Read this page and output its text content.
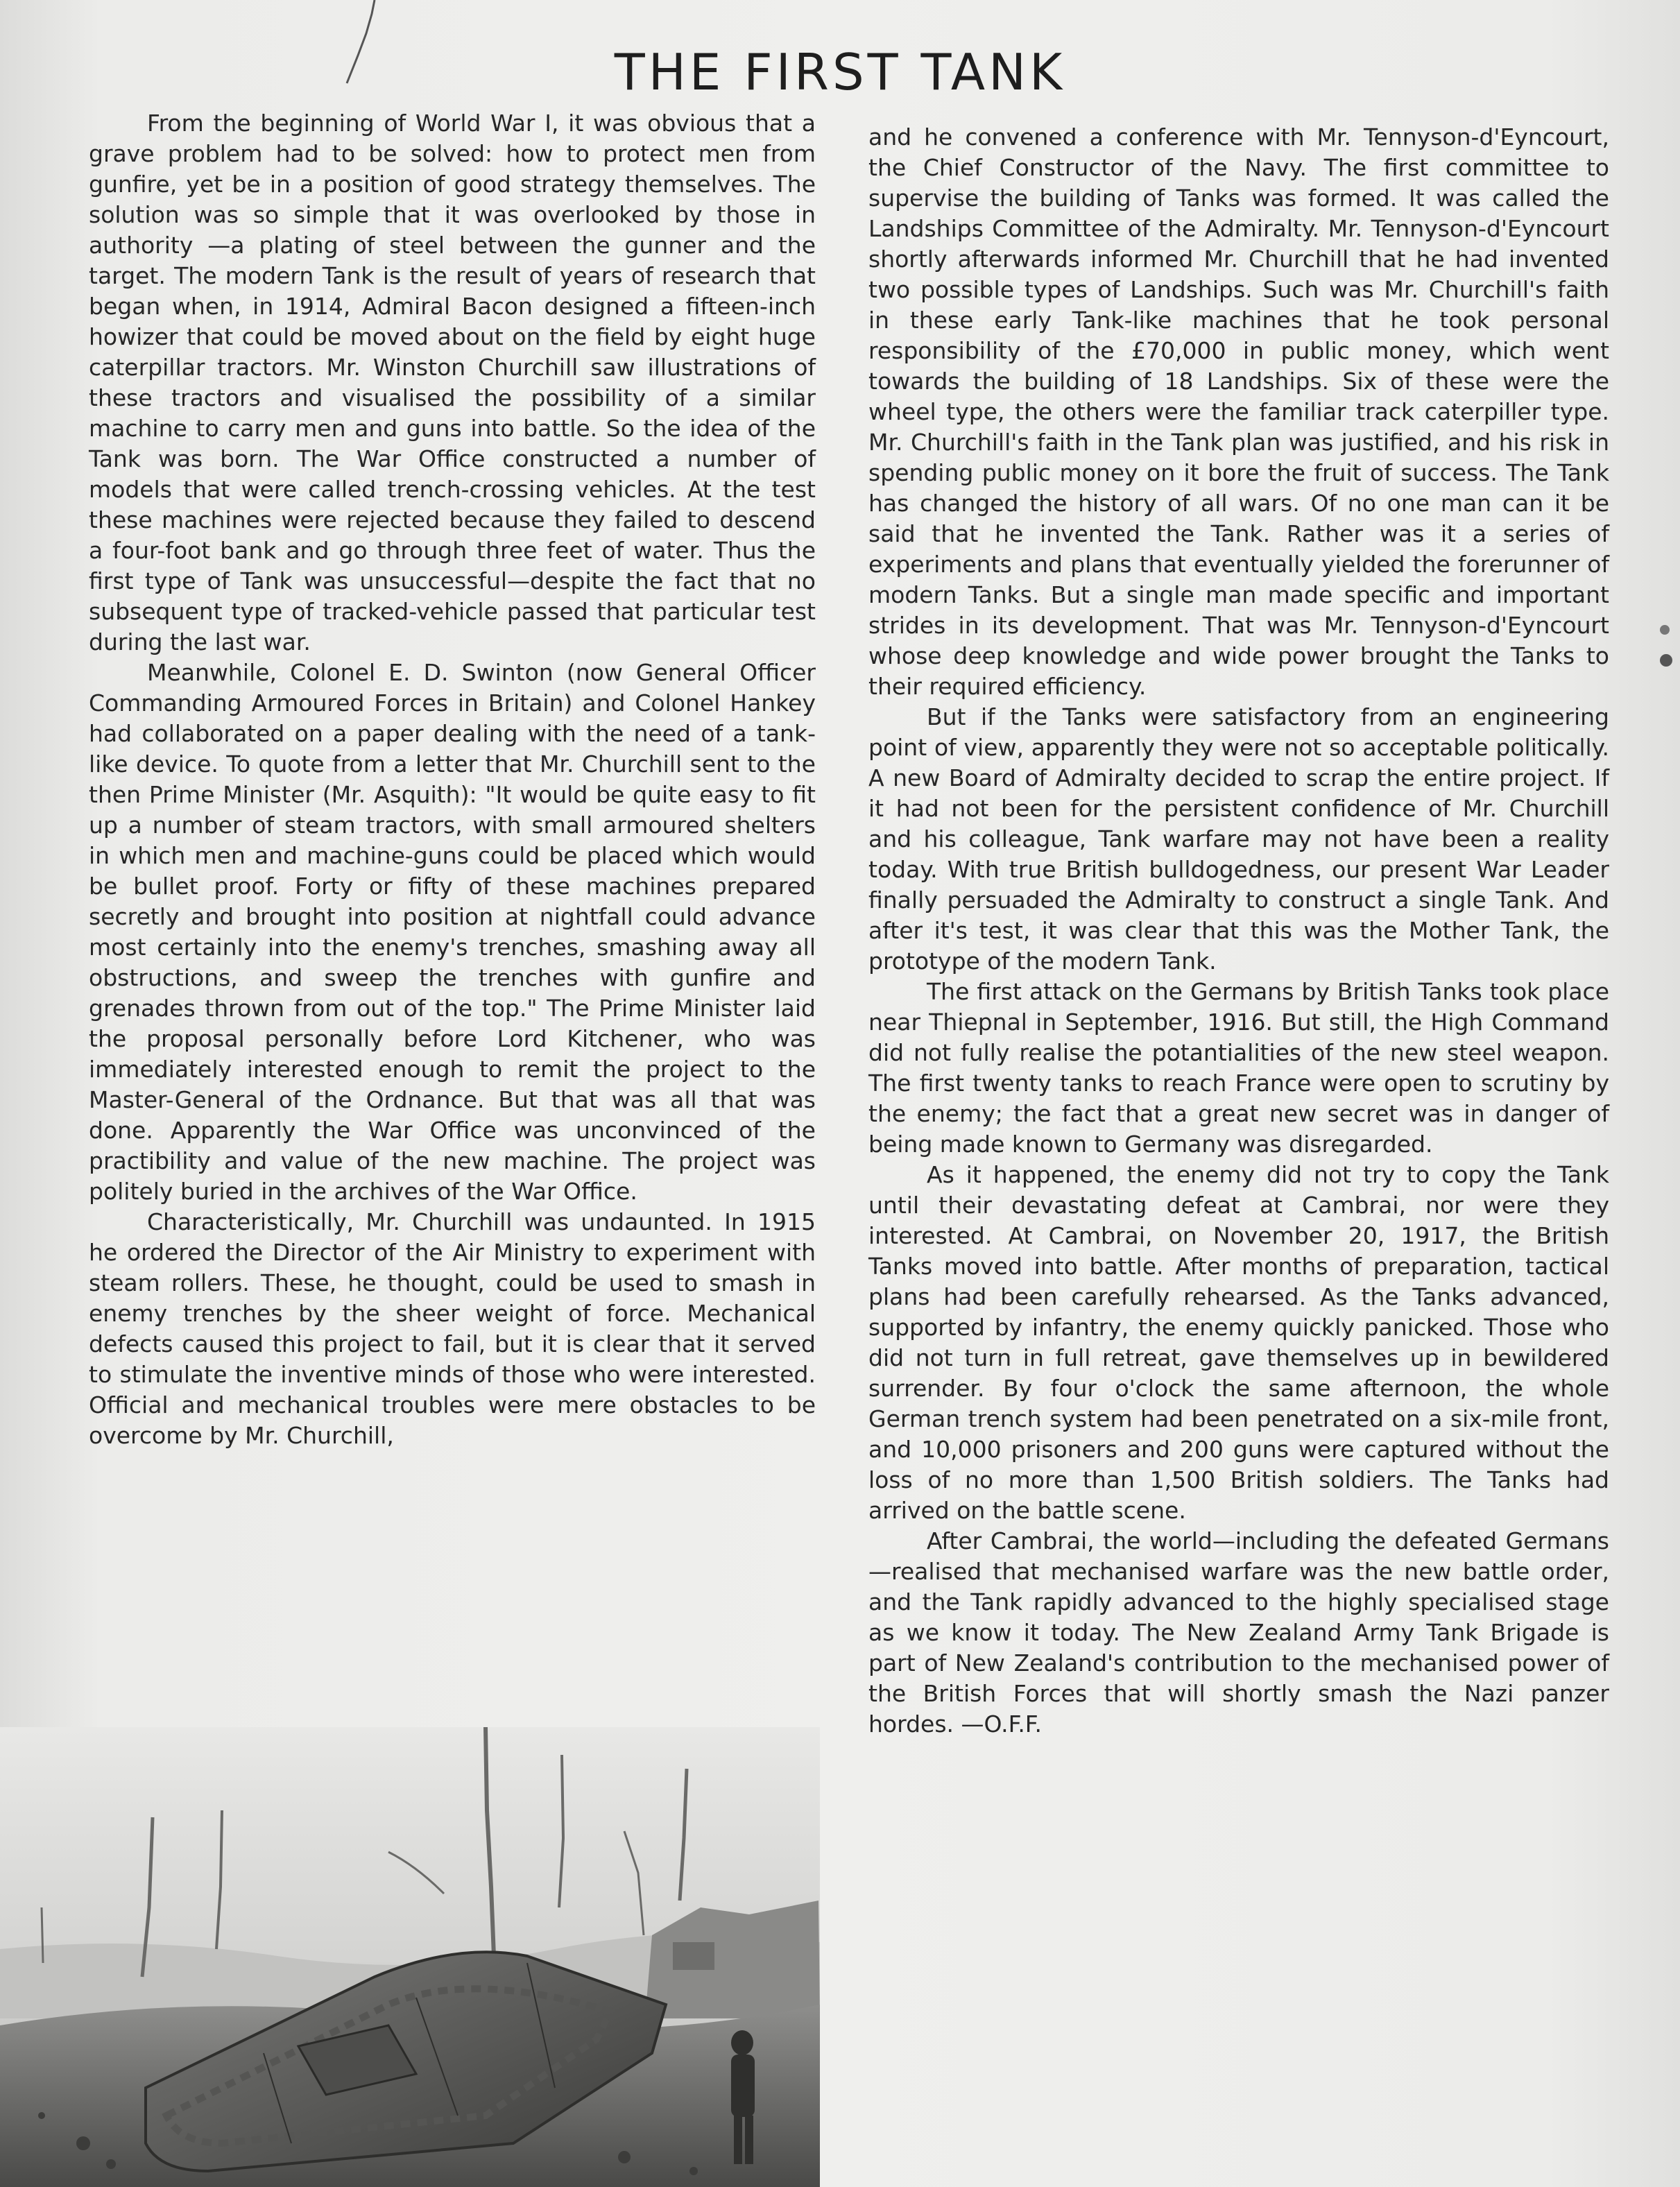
THE FIRST TANK

From the beginning of World War I, it was obvious that a grave problem had to be solved: how to protect men from gunfire, yet be in a position of good strategy themselves. The solution was so simple that it was overlooked by those in authority —a plating of steel between the gunner and the target. The modern Tank is the result of years of research that began when, in 1914, Admiral Bacon designed a fifteen-inch howizer that could be moved about on the field by eight huge caterpillar tractors. Mr. Winston Churchill saw illustrations of these tractors and visualised the possibility of a similar machine to carry men and guns into battle. So the idea of the Tank was born. The War Office constructed a number of models that were called trench-crossing vehicles. At the test these machines were rejected because they failed to descend a four-foot bank and go through three feet of water. Thus the first type of Tank was unsuccessful—despite the fact that no subsequent type of tracked-vehicle passed that particular test during the last war.

Meanwhile, Colonel E. D. Swinton (now General Officer Commanding Armoured Forces in Britain) and Colonel Hankey had collaborated on a paper dealing with the need of a tank-like device. To quote from a letter that Mr. Churchill sent to the then Prime Minister (Mr. Asquith): "It would be quite easy to fit up a number of steam tractors, with small armoured shelters in which men and machine-guns could be placed which would be bullet proof. Forty or fifty of these machines prepared secretly and brought into position at nightfall could advance most certainly into the enemy's trenches, smashing away all obstructions, and sweep the trenches with gunfire and grenades thrown from out of the top." The Prime Minister laid the proposal personally before Lord Kitchener, who was immediately interested enough to remit the project to the Master-General of the Ordnance. But that was all that was done. Apparently the War Office was unconvinced of the practibility and value of the new machine. The project was politely buried in the archives of the War Office.

Characteristically, Mr. Churchill was undaunted. In 1915 he ordered the Director of the Air Ministry to experiment with steam rollers. These, he thought, could be used to smash in enemy trenches by the sheer weight of force. Mechanical defects caused this project to fail, but it is clear that it served to stimulate the inventive minds of those who were interested. Official and mechanical troubles were mere obstacles to be overcome by Mr. Churchill,

and he convened a conference with Mr. Tennyson-d'Eyncourt, the Chief Constructor of the Navy. The first committee to supervise the building of Tanks was formed. It was called the Landships Committee of the Admiralty. Mr. Tennyson-d'Eyncourt shortly afterwards informed Mr. Churchill that he had invented two possible types of Landships. Such was Mr. Churchill's faith in these early Tank-like machines that he took personal responsibility of the £70,000 in public money, which went towards the building of 18 Landships. Six of these were the wheel type, the others were the familiar track caterpiller type. Mr. Churchill's faith in the Tank plan was justified, and his risk in spending public money on it bore the fruit of success. The Tank has changed the history of all wars. Of no one man can it be said that he invented the Tank. Rather was it a series of experiments and plans that eventually yielded the forerunner of modern Tanks. But a single man made specific and important strides in its development. That was Mr. Tennyson-d'Eyncourt whose deep knowledge and wide power brought the Tanks to their required efficiency.

But if the Tanks were satisfactory from an engineering point of view, apparently they were not so acceptable politically. A new Board of Admiralty decided to scrap the entire project. If it had not been for the persistent confidence of Mr. Churchill and his colleague, Tank warfare may not have been a reality today. With true British bulldogedness, our present War Leader finally persuaded the Admiralty to construct a single Tank. And after it's test, it was clear that this was the Mother Tank, the prototype of the modern Tank.

The first attack on the Germans by British Tanks took place near Thiepnal in September, 1916. But still, the High Command did not fully realise the potantialities of the new steel weapon. The first twenty tanks to reach France were open to scrutiny by the enemy; the fact that a great new secret was in danger of being made known to Germany was disregarded.

As it happened, the enemy did not try to copy the Tank until their devastating defeat at Cambrai, nor were they interested. At Cambrai, on November 20, 1917, the British Tanks moved into battle. After months of preparation, tactical plans had been carefully rehearsed. As the Tanks advanced, supported by infantry, the enemy quickly panicked. Those who did not turn in full retreat, gave themselves up in bewildered surrender. By four o'clock the same afternoon, the whole German trench system had been penetrated on a six-mile front, and 10,000 prisoners and 200 guns were captured without the loss of no more than 1,500 British soldiers. The Tanks had arrived on the battle scene.

After Cambrai, the world—including the defeated Germans—realised that mechanised warfare was the new battle order, and the Tank rapidly advanced to the highly specialised stage as we know it today. The New Zealand Army Tank Brigade is part of New Zealand's contribution to the mechanised power of the British Forces that will shortly smash the Nazi panzer hordes. —O.F.F.
